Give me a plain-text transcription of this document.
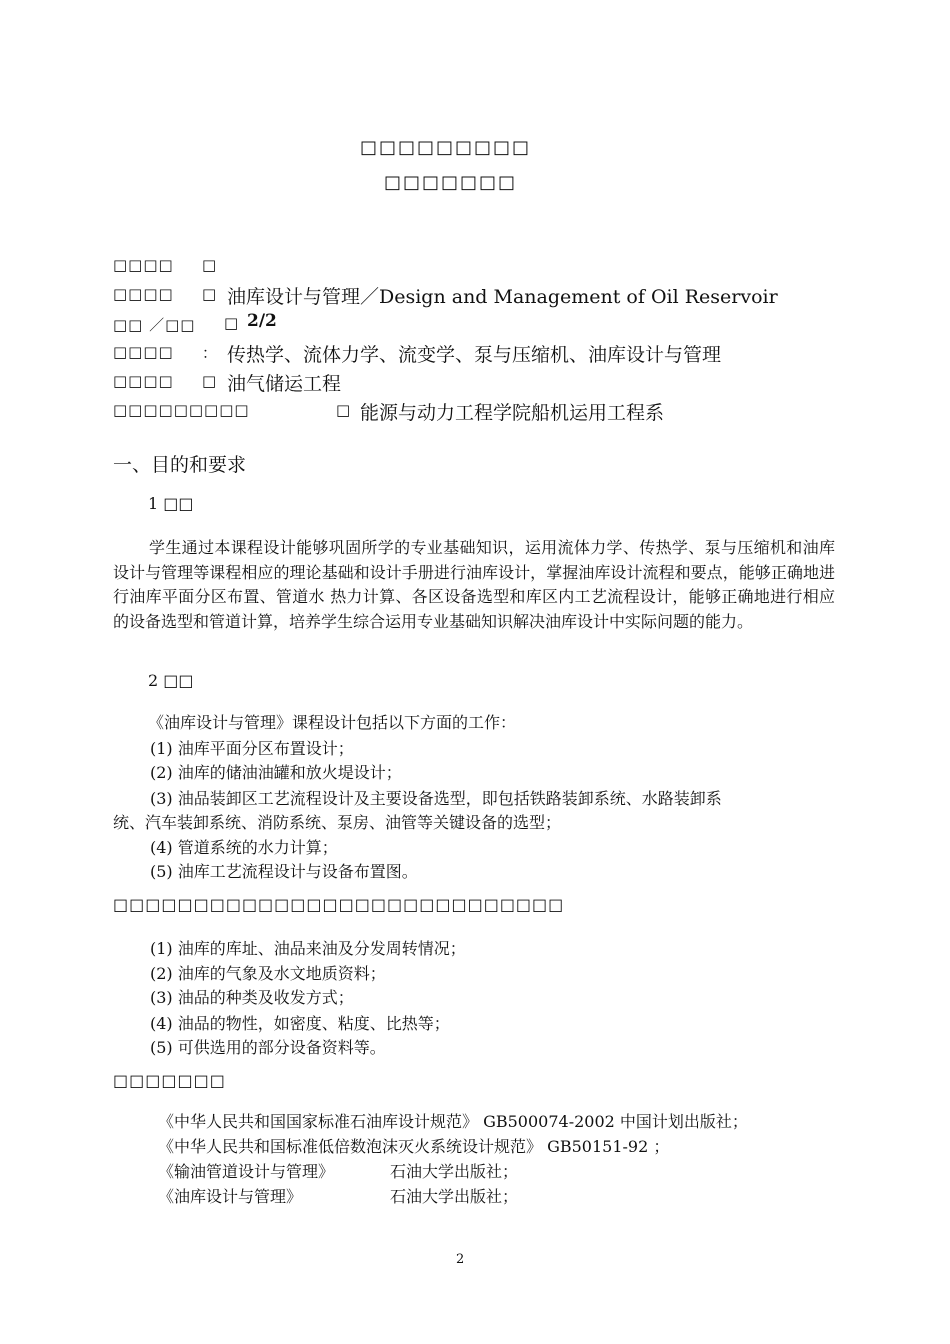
□□□□□□□□□
□□□□□□□
□□□□ □
□□□□ □ 油库设计与管理／Design and Management of Oil Reservoir
□□ ／□□ □ 2/2
□□□□ ： 传热学、流体力学、流变学、泵与压缩机、油库设计与管理
□□□□ □ 油气储运工程
□□□□□□□□□	□ 能源与动力工程学院船机运用工程系
一、目的和要求
1 □□
学生通过本课程设计能够巩固所学的专业基础知识，运用流体力学、传热学、泵与压缩机和油库设计与管理等课程相应的理论基础和设计手册进行油库设计，掌握油库设计流程和要点，能够正确地进行油库平面分区布置、管道水 热力计算、各区设备选型和库区内工艺流程设计，能够正确地进行相应的设备选型和管道计算，培养学生综合运用专业基础知识解决油库设计中实际问题的能力。
2 □□
《油库设计与管理》课程设计包括以下方面的工作：
(1) 油库平面分区布置设计；
(2) 油库的储油油罐和放火堤设计；
(3) 油品装卸区工艺流程设计及主要设备选型，即包括铁路装卸系统、水路装卸系
统、汽车装卸系统、消防系统、泵房、油管等关键设备的选型；
(4) 管道系统的水力计算；
(5) 油库工艺流程设计与设备布置图。
□□□□□□□□□□□□□□□□□□□□□□□□□□□□
(1) 油库的库址、油品来油及分发周转情况；
(2) 油库的气象及水文地质资料；
(3) 油品的种类及收发方式；
(4) 油品的物性，如密度、粘度、比热等；
(5) 可供选用的部分设备资料等。
□□□□□□□
《中华人民共和国国家标准石油库设计规范》 GB500074-2002 中国计划出版社；
《中华人民共和国标准低倍数泡沫灭火系统设计规范》 GB50151-92 ；
《输油管道设计与管理》	石油大学出版社；
《油库设计与管理》	石油大学出版社；
2
